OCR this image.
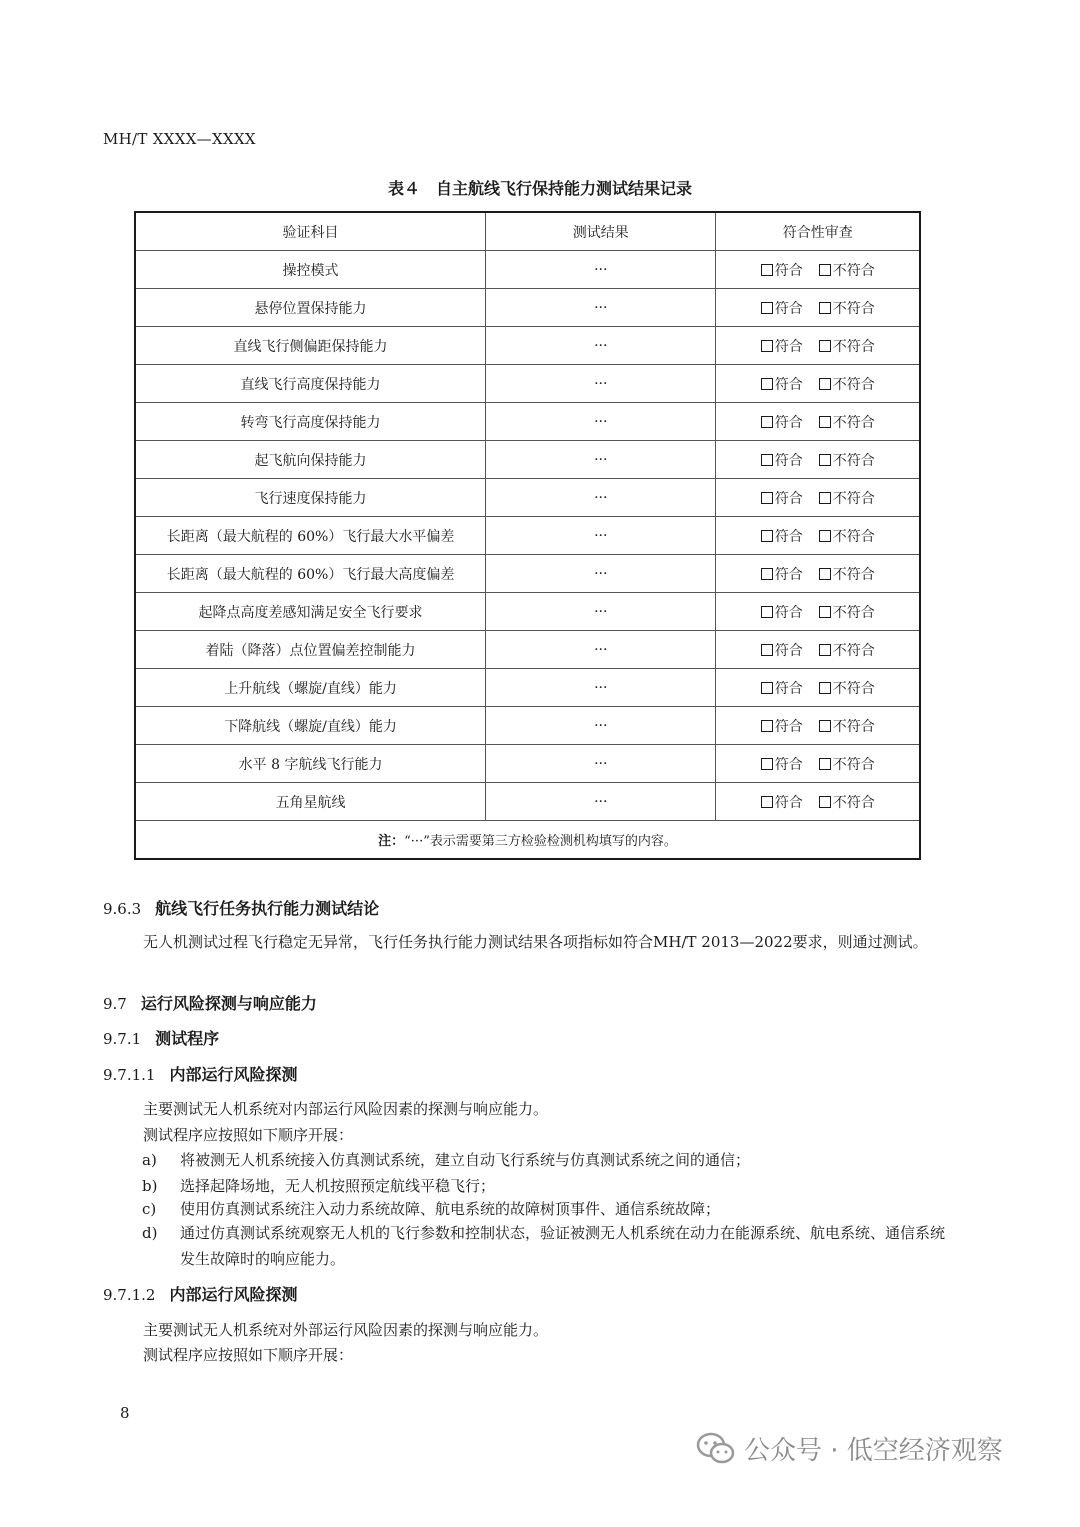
MH/T XXXX—XXXX
表４　自主航线飞行保持能力测试结果记录
验证科目	测试结果	符合性审查
操控模式	···	符合 不符合
悬停位置保持能力	···	符合 不符合
直线飞行侧偏距保持能力	···	符合 不符合
直线飞行高度保持能力	···	符合 不符合
转弯飞行高度保持能力	···	符合 不符合
起飞航向保持能力	···	符合 不符合
飞行速度保持能力	···	符合 不符合
长距离（最大航程的 60%）飞行最大水平偏差	···	符合 不符合
长距离（最大航程的 60%）飞行最大高度偏差	···	符合 不符合
起降点高度差感知满足安全飞行要求	···	符合 不符合
着陆（降落）点位置偏差控制能力	···	符合 不符合
上升航线（螺旋/直线）能力	···	符合 不符合
下降航线（螺旋/直线）能力	···	符合 不符合
水平 8 字航线飞行能力	···	符合 不符合
五角星航线	···	符合 不符合
注：“···”表示需要第三方检验检测机构填写的内容。		
9.6.3 航线飞行任务执行能力测试结论
无人机测试过程飞行稳定无异常，飞行任务执行能力测试结果各项指标如符合MH/T 2013—2022要求，则通过测试。
9.7 运行风险探测与响应能力
9.7.1 测试程序
9.7.1.1 内部运行风险探测
主要测试无人机系统对内部运行风险因素的探测与响应能力。
测试程序应按照如下顺序开展：
a) 将被测无人机系统接入仿真测试系统，建立自动飞行系统与仿真测试系统之间的通信；
b) 选择起降场地，无人机按照预定航线平稳飞行；
c) 使用仿真测试系统注入动力系统故障、航电系统的故障树顶事件、通信系统故障；
d) 通过仿真测试系统观察无人机的飞行参数和控制状态，验证被测无人机系统在动力在能源系统、航电系统、通信系统发生故障时的响应能力。
9.7.1.2 内部运行风险探测
主要测试无人机系统对外部运行风险因素的探测与响应能力。
测试程序应按照如下顺序开展：
8
公众号 · 低空经济观察
